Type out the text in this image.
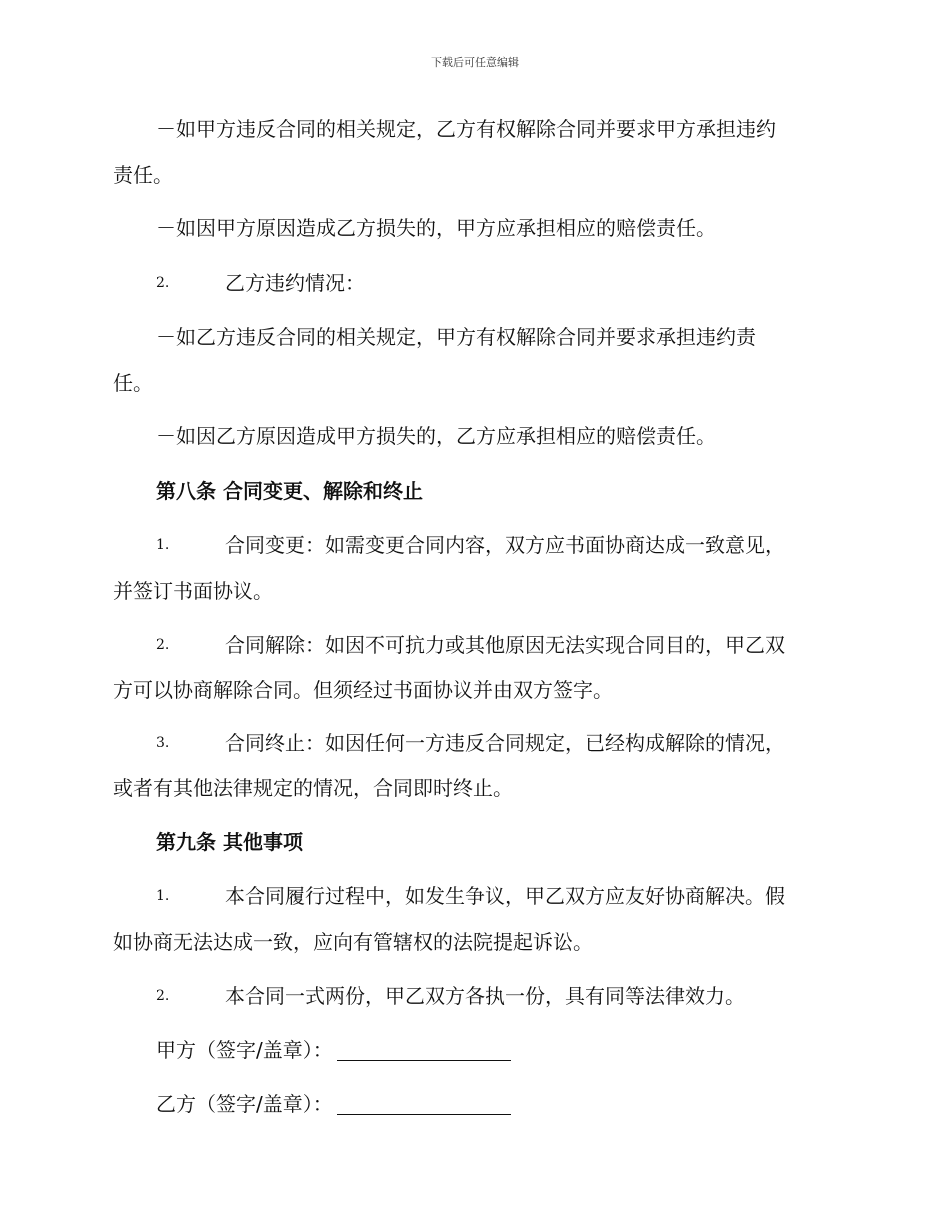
下载后可任意编辑
－如甲方违反合同的相关规定，乙方有权解除合同并要求甲方承担违约
责任。
－如因甲方原因造成乙方损失的，甲方应承担相应的赔偿责任。
2.	乙方违约情况：
－如乙方违反合同的相关规定，甲方有权解除合同并要求承担违约责
任。
－如因乙方原因造成甲方损失的，乙方应承担相应的赔偿责任。
第八条 合同变更、解除和终止
1.	合同变更：如需变更合同内容，双方应书面协商达成一致意见，
并签订书面协议。
2.	合同解除：如因不可抗力或其他原因无法实现合同目的，甲乙双
方可以协商解除合同。但须经过书面协议并由双方签字。
3.	合同终止：如因任何一方违反合同规定，已经构成解除的情况，
或者有其他法律规定的情况，合同即时终止。
第九条 其他事项
1.	本合同履行过程中，如发生争议，甲乙双方应友好协商解决。假
如协商无法达成一致，应向有管辖权的法院提起诉讼。
2.	本合同一式两份，甲乙双方各执一份，具有同等法律效力。
甲方（签字/盖章）：
乙方（签字/盖章）：
